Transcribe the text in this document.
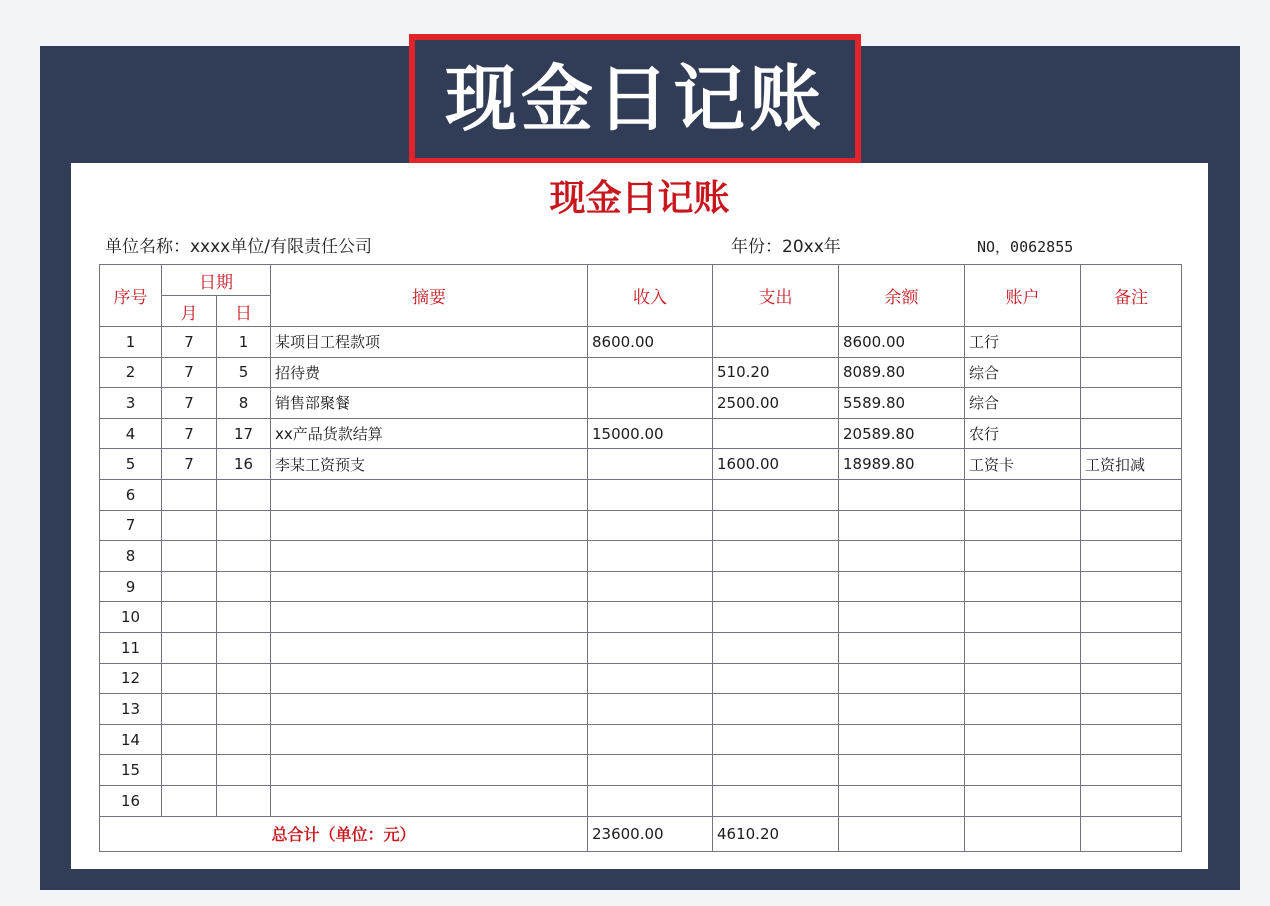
现金日记账
现金日记账
单位名称：xxxx单位/有限责任公司	年份：20xx年	NO，0062855
序号	日期		摘要	收入	支出	余额	账户	备注
	月	日						
1	7	1	某项目工程款项	8600.00		8600.00	工行	
2	7	5	招待费		510.20	8089.80	综合	
3	7	8	销售部聚餐		2500.00	5589.80	综合	
4	7	17	xx产品货款结算	15000.00		20589.80	农行	
5	7	16	李某工资预支		1600.00	18989.80	工资卡	工资扣减
6								
7								
8								
9								
10								
11								
12								
13								
14								
15								
16								
总合计（单位：元）				23600.00	4610.20			
